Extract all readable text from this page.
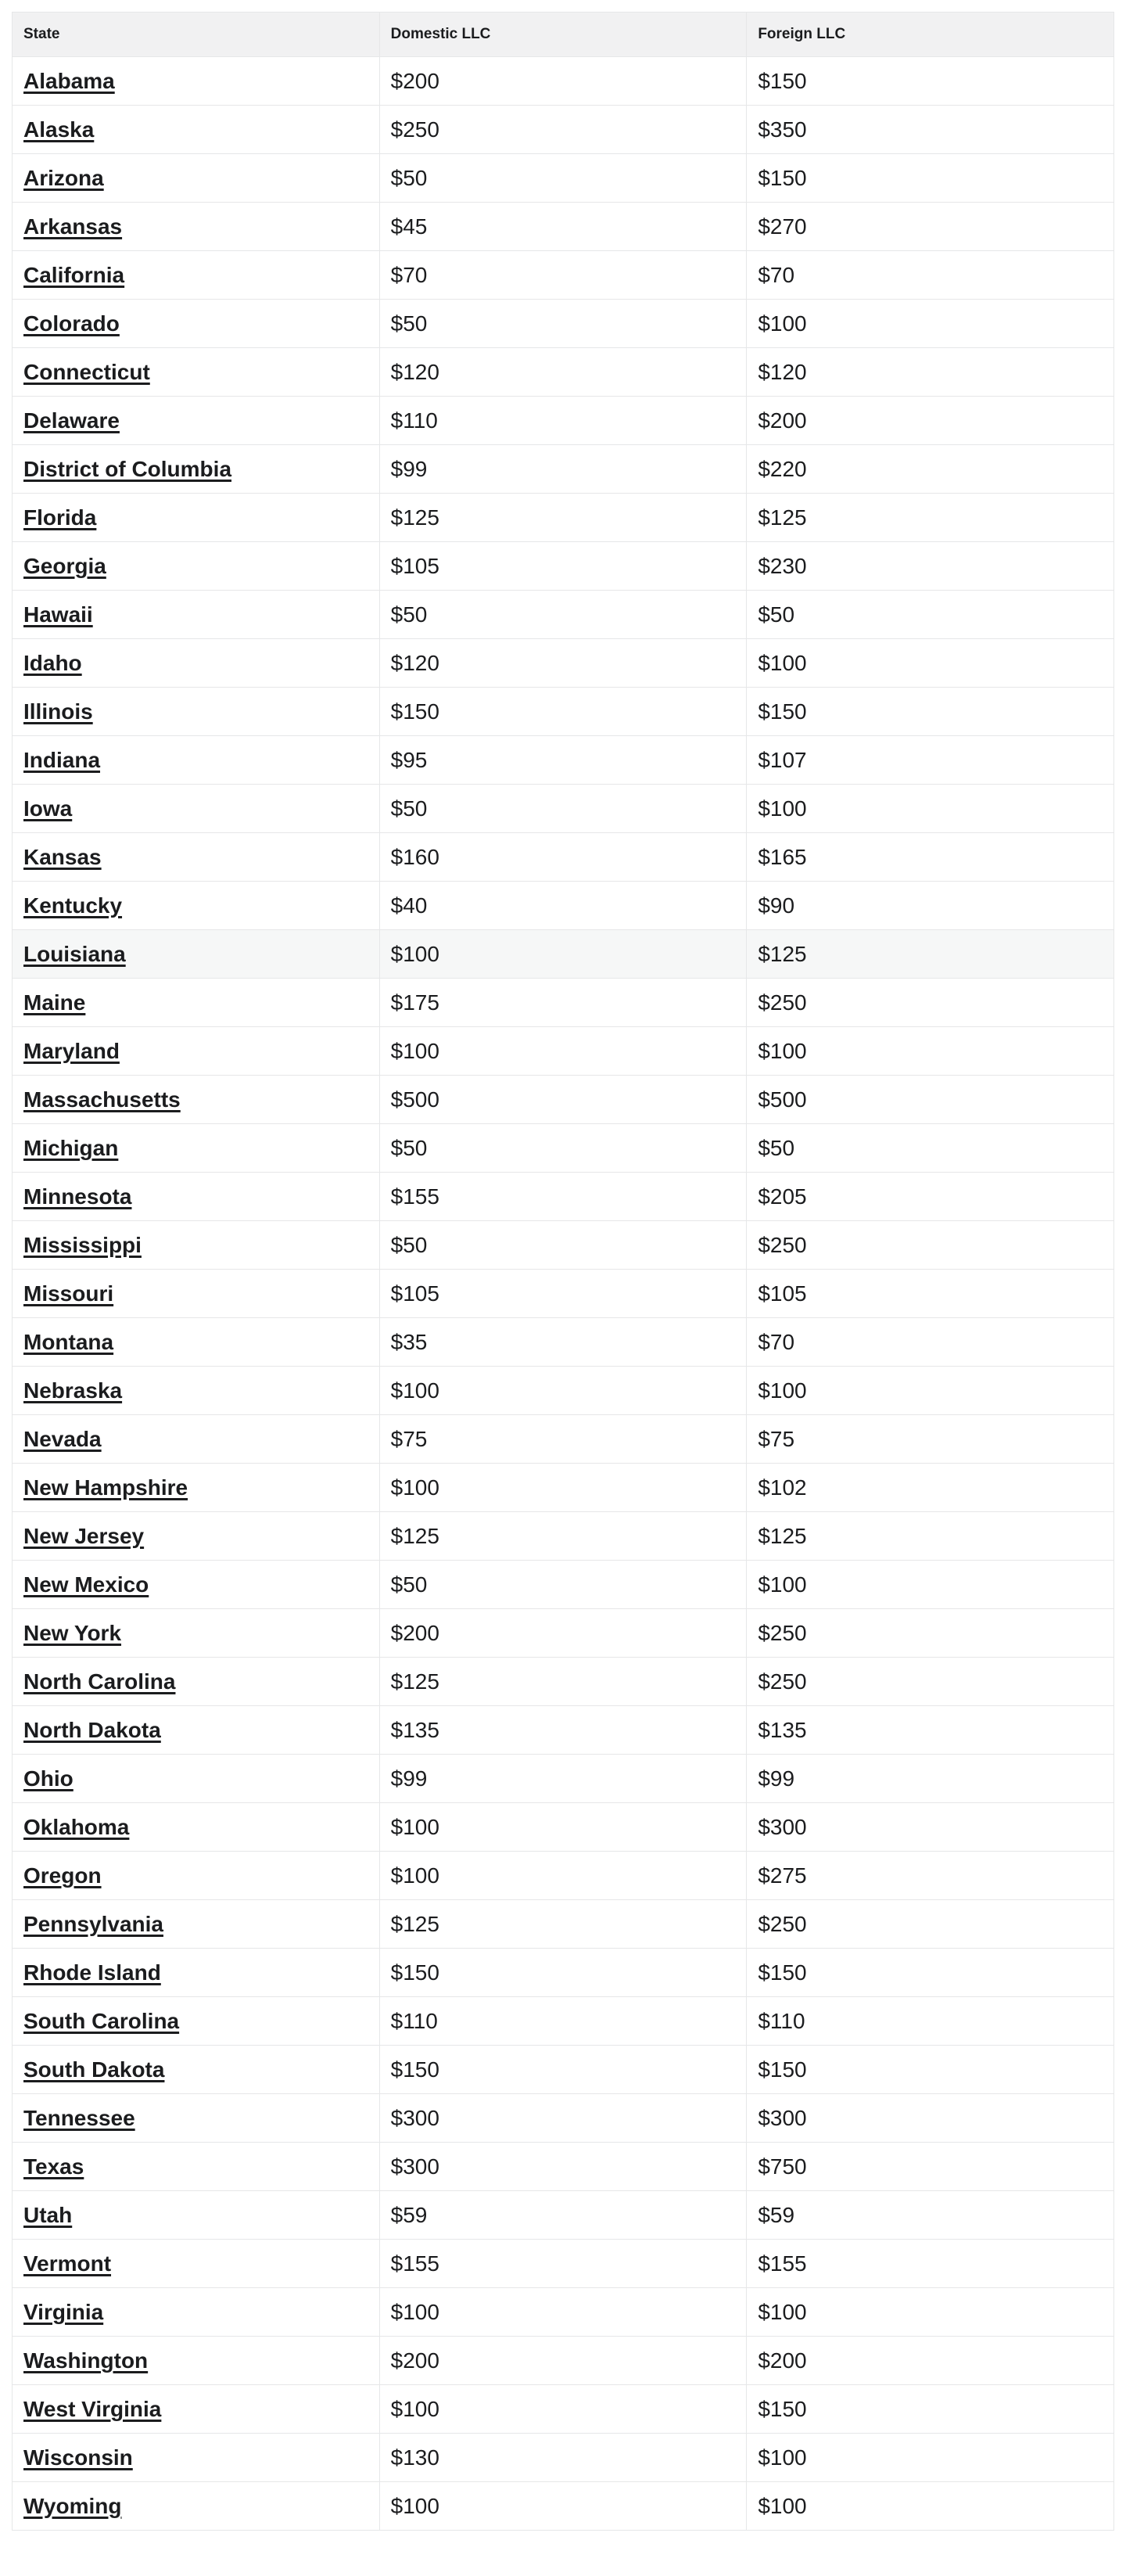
State	Domestic LLC	Foreign LLC
Alabama	$200	$150
Alaska	$250	$350
Arizona	$50	$150
Arkansas	$45	$270
California	$70	$70
Colorado	$50	$100
Connecticut	$120	$120
Delaware	$110	$200
District of Columbia	$99	$220
Florida	$125	$125
Georgia	$105	$230
Hawaii	$50	$50
Idaho	$120	$100
Illinois	$150	$150
Indiana	$95	$107
Iowa	$50	$100
Kansas	$160	$165
Kentucky	$40	$90
Louisiana	$100	$125
Maine	$175	$250
Maryland	$100	$100
Massachusetts	$500	$500
Michigan	$50	$50
Minnesota	$155	$205
Mississippi	$50	$250
Missouri	$105	$105
Montana	$35	$70
Nebraska	$100	$100
Nevada	$75	$75
New Hampshire	$100	$102
New Jersey	$125	$125
New Mexico	$50	$100
New York	$200	$250
North Carolina	$125	$250
North Dakota	$135	$135
Ohio	$99	$99
Oklahoma	$100	$300
Oregon	$100	$275
Pennsylvania	$125	$250
Rhode Island	$150	$150
South Carolina	$110	$110
South Dakota	$150	$150
Tennessee	$300	$300
Texas	$300	$750
Utah	$59	$59
Vermont	$155	$155
Virginia	$100	$100
Washington	$200	$200
West Virginia	$100	$150
Wisconsin	$130	$100
Wyoming	$100	$100
